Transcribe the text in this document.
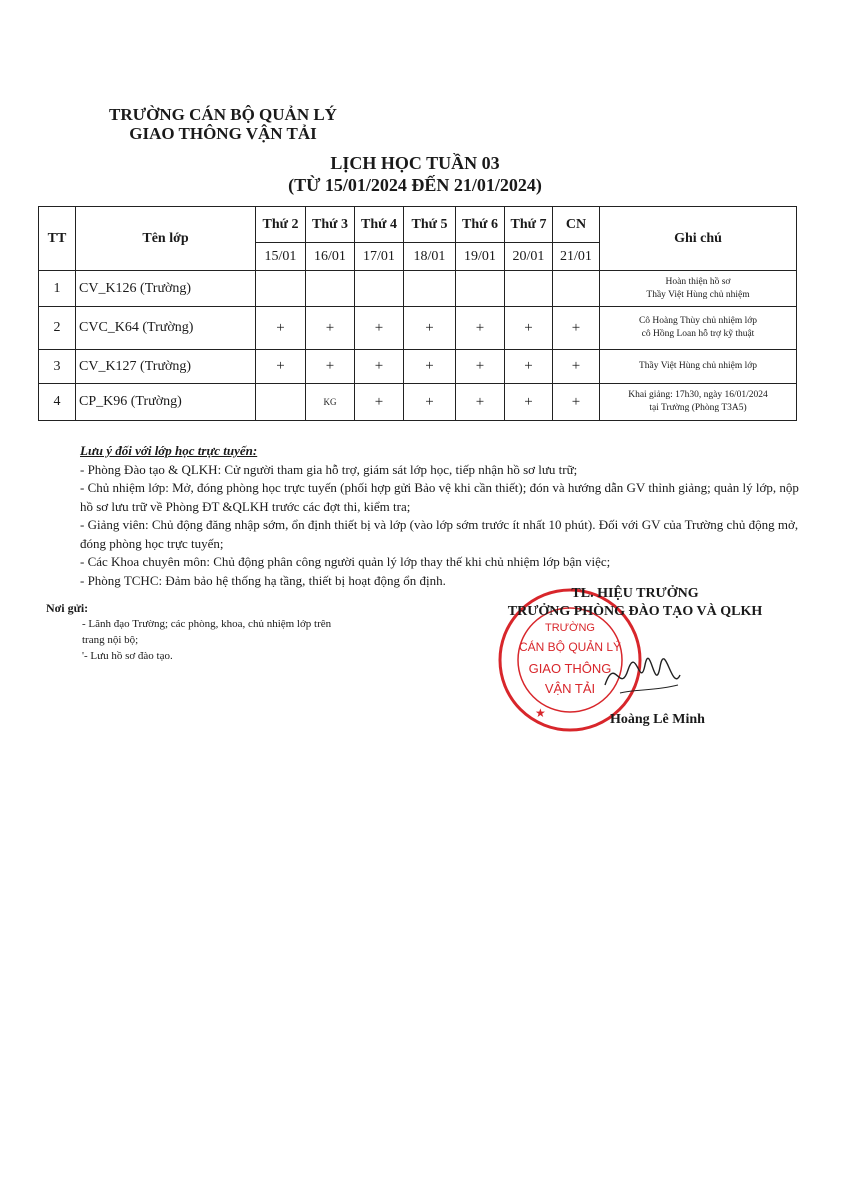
TRƯỜNG CÁN BỘ QUẢN LÝ
GIAO THÔNG VẬN TẢI
LỊCH HỌC TUẦN 03
(TỪ 15/01/2024 ĐẾN 21/01/2024)
TT	Tên lớp	Thứ 2	Thứ 3	Thứ 4	Thứ 5	Thứ 6	Thứ 7	CN	Ghi chú
		15/01	16/01	17/01	18/01	19/01	20/01	21/01	
1	CV_K126 (Trường)								Hoàn thiện hồ sơ
Thầy Việt Hùng chủ nhiệm

2	CVC_K64 (Trường)	+	+	+	+	+	+	+	Cô Hoàng Thùy chủ nhiệm lớp
cô Hồng Loan hỗ trợ kỹ thuật

3	CV_K127 (Trường)	+	+	+	+	+	+	+	Thầy Việt Hùng chủ nhiệm lớp

4	CP_K96 (Trường)		KG	+	+	+	+	+	Khai giảng: 17h30, ngày 16/01/2024
tại Trường (Phòng T3A5)
Lưu ý đối với lớp học trực tuyến:
- Phòng Đào tạo & QLKH: Cử người tham gia hỗ trợ, giám sát lớp học, tiếp nhận hồ sơ lưu trữ;
- Chủ nhiệm lớp: Mở, đóng phòng học trực tuyến (phối hợp gửi Bảo vệ khi cần thiết); đón và hướng dẫn GV thỉnh giảng; quản lý lớp, nộp hồ sơ lưu trữ về Phòng ĐT &QLKH trước các đợt thi, kiểm tra;
- Giảng viên: Chủ động đăng nhập sớm, ổn định thiết bị và lớp (vào lớp sớm trước ít nhất 10 phút). Đối với GV của Trường chủ động mở, đóng phòng học trực tuyến;
- Các Khoa chuyên môn: Chủ động phân công người quản lý lớp thay thế khi chủ nhiệm lớp bận việc;
- Phòng TCHC: Đảm bảo hệ thống hạ tầng, thiết bị hoạt động ổn định.
Nơi gửi:
- Lãnh đạo Trường; các phòng, khoa, chủ nhiệm lớp trên
trang nội bộ;
'- Lưu hồ sơ đào tạo.
TRƯỜNG
CÁN BỘ QUẢN LÝ
GIAO THÔNG
VẬN TẢI
★
TL. HIỆU TRƯỞNG
TRƯỞNG PHÒNG ĐÀO TẠO VÀ QLKH
Hoàng Lê Minh
